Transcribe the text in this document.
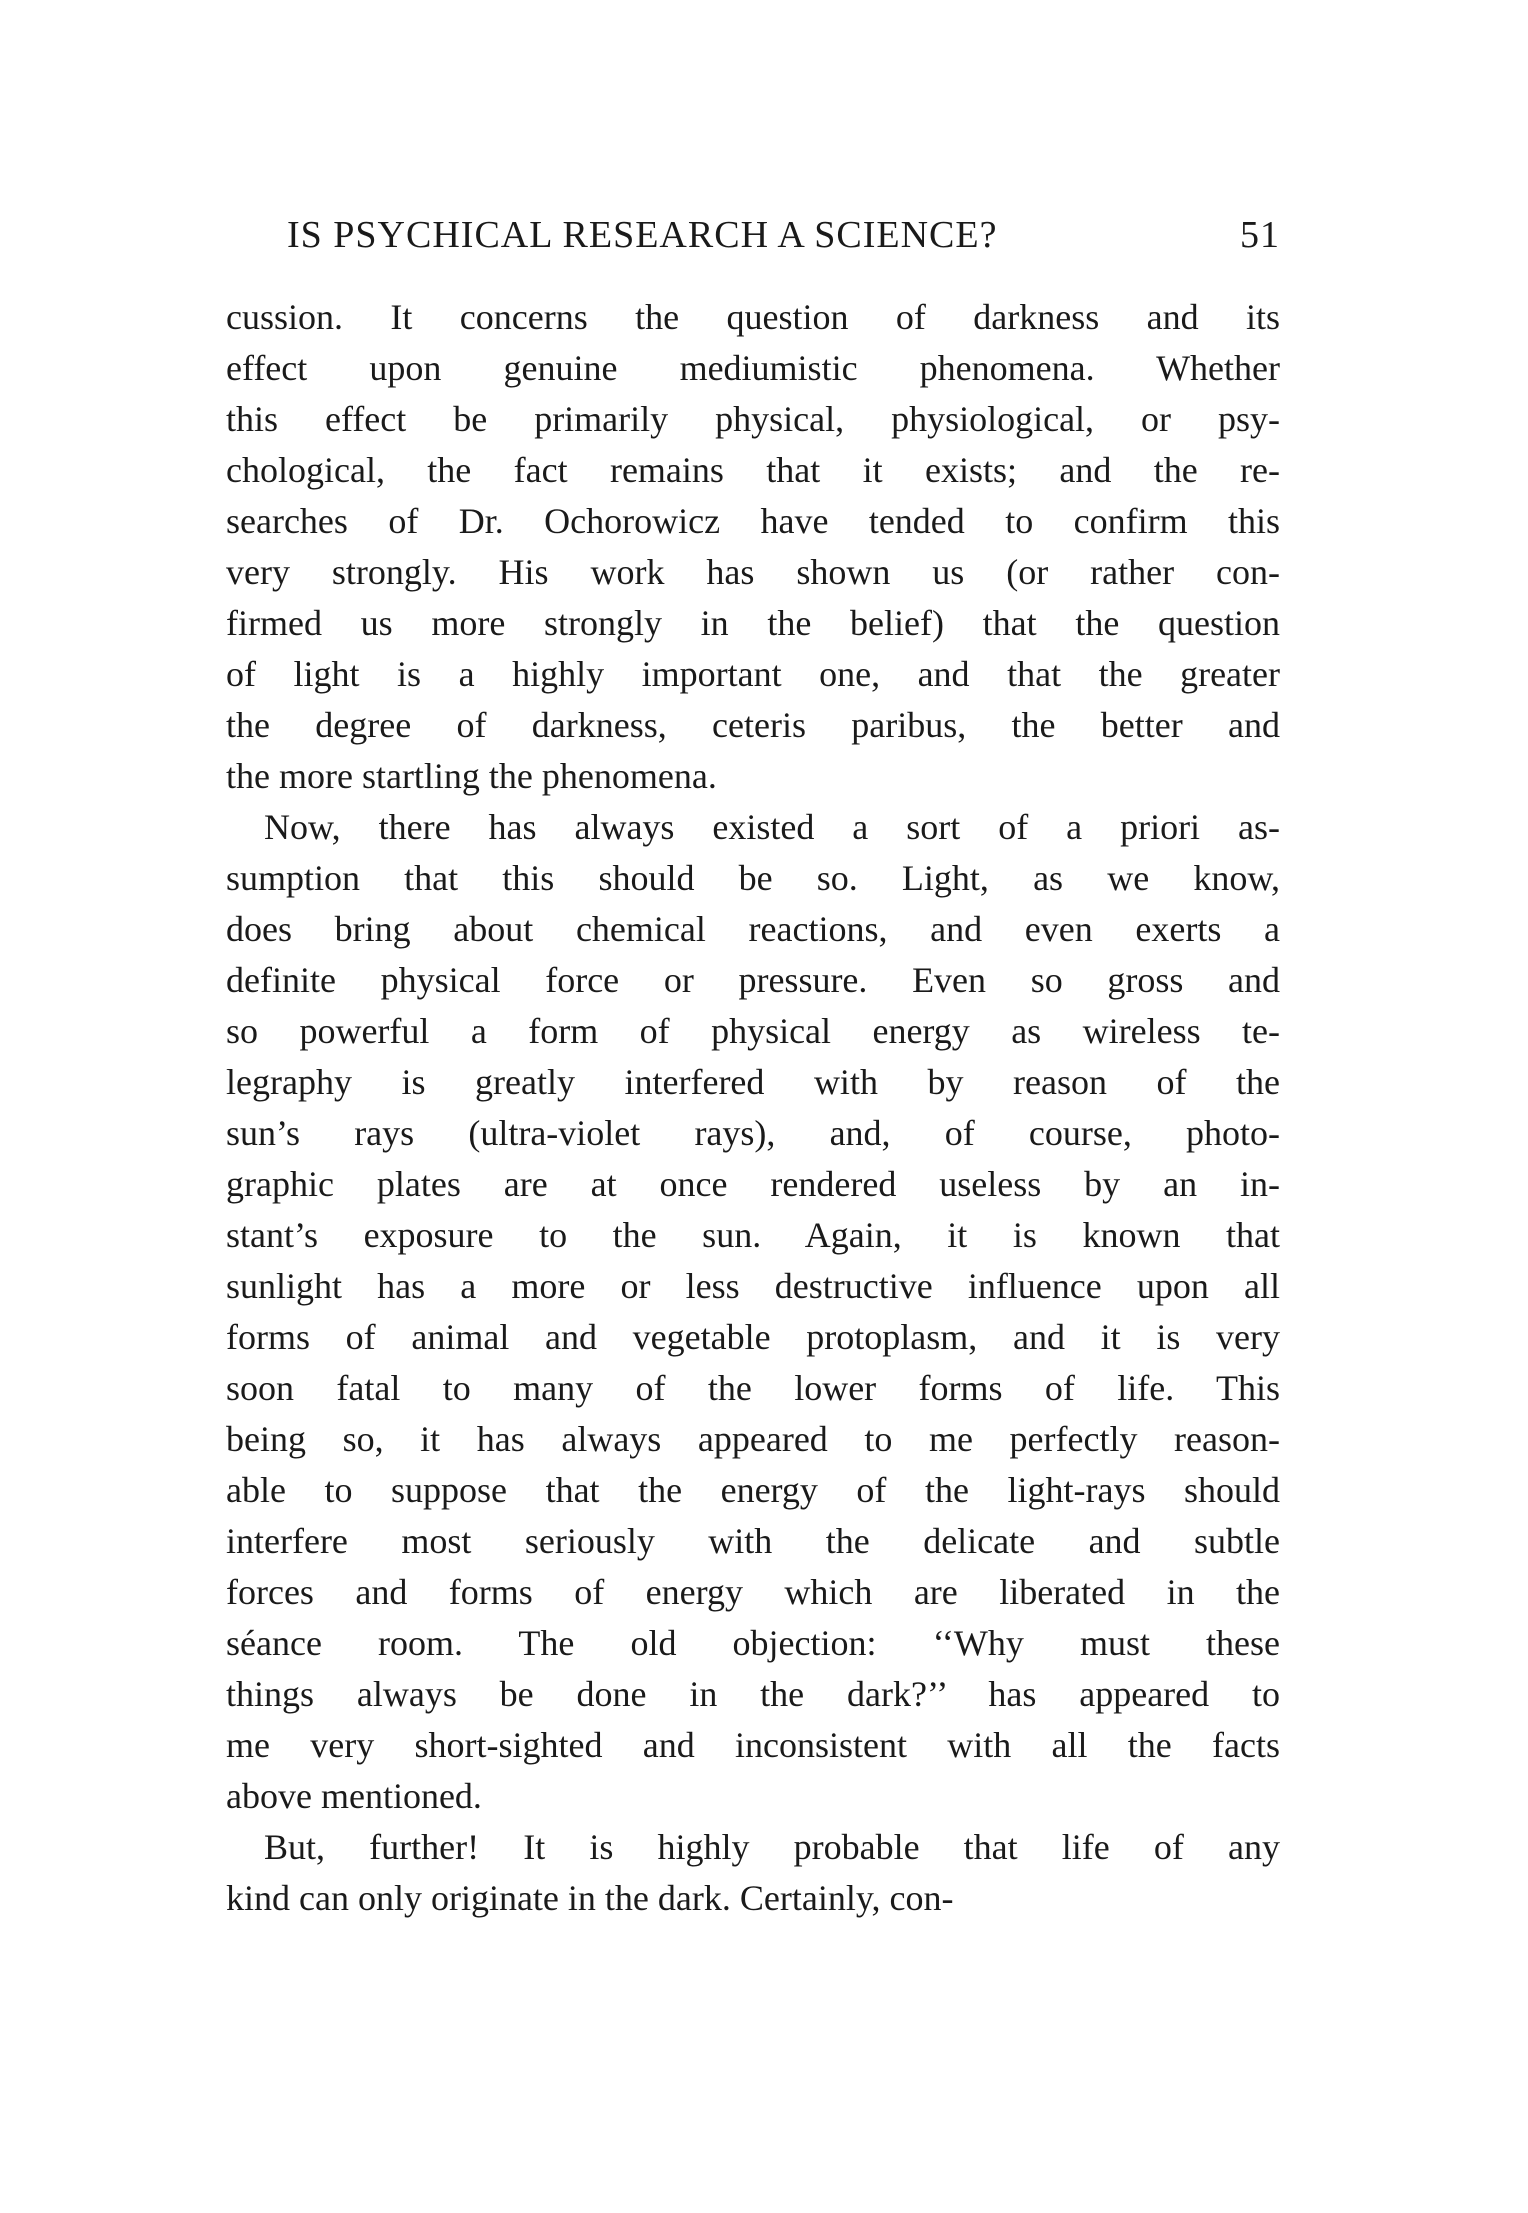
IS PSYCHICAL RESEARCH A SCIENCE?	51
cussion. It concerns the question of darkness and its
effect upon genuine mediumistic phenomena. Whether
this effect be primarily physical, physiological, or psy-
chological, the fact remains that it exists; and the re-
searches of Dr. Ochorowicz have tended to confirm this
very strongly. His work has shown us (or rather con-
firmed us more strongly in the belief) that the question
of light is a highly important one, and that the greater
the degree of darkness, ceteris paribus, the better and
the more startling the phenomena.
Now, there has always existed a sort of a priori as-
sumption that this should be so. Light, as we know,
does bring about chemical reactions, and even exerts a
definite physical force or pressure. Even so gross and
so powerful a form of physical energy as wireless te-
legraphy is greatly interfered with by reason of the
sun’s rays (ultra-violet rays), and, of course, photo-
graphic plates are at once rendered useless by an in-
stant’s exposure to the sun. Again, it is known that
sunlight has a more or less destructive influence upon all
forms of animal and vegetable protoplasm, and it is very
soon fatal to many of the lower forms of life. This
being so, it has always appeared to me perfectly reason-
able to suppose that the energy of the light-rays should
interfere most seriously with the delicate and subtle
forces and forms of energy which are liberated in the
séance room. The old objection: ‘‘Why must these
things always be done in the dark?’’ has appeared to
me very short-sighted and inconsistent with all the facts
above mentioned.
But, further! It is highly probable that life of any
kind can only originate in the dark. Certainly, con-
